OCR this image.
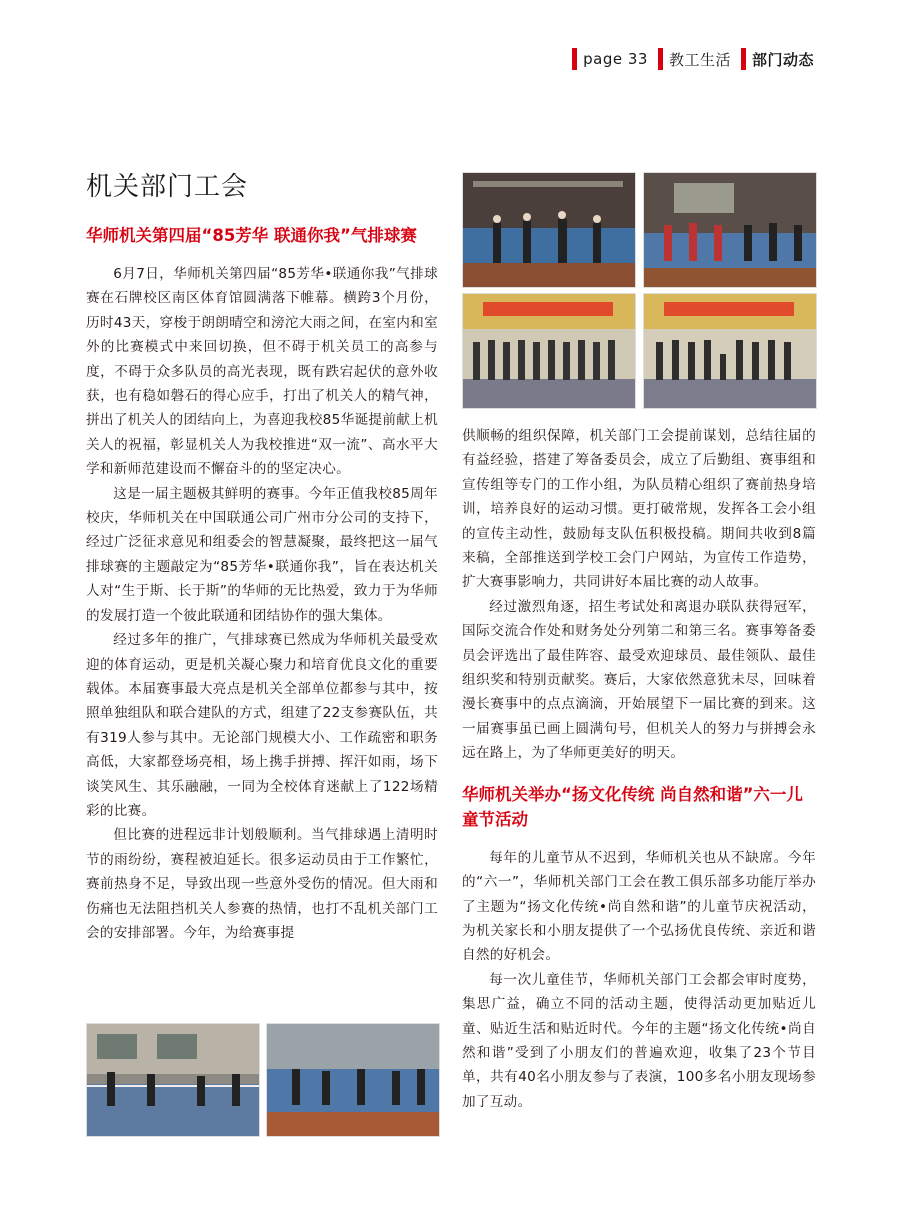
page 33 教工生活 部门动态
机关部门工会
华师机关第四届“85芳华 联通你我”气排球赛

6月7日，华师机关第四届“85芳华•联通你我”气排球赛在石牌校区南区体育馆圆满落下帷幕。横跨3个月份，历时43天，穿梭于朗朗晴空和滂沱大雨之间，在室内和室外的比赛模式中来回切换，但不碍于机关员工的高参与度，不碍于众多队员的高光表现，既有跌宕起伏的意外收获，也有稳如磐石的得心应手，打出了机关人的精气神，拼出了机关人的团结向上，为喜迎我校85华诞提前献上机关人的祝福，彰显机关人为我校推进“双一流”、高水平大学和新师范建设而不懈奋斗的的坚定决心。

这是一届主题极其鲜明的赛事。今年正值我校85周年校庆，华师机关在中国联通公司广州市分公司的支持下，经过广泛征求意见和组委会的智慧凝聚，最终把这一届气排球赛的主题敲定为“85芳华•联通你我”，旨在表达机关人对“生于斯、长于斯”的华师的无比热爱，致力于为华师的发展打造一个彼此联通和团结协作的强大集体。

经过多年的推广，气排球赛已然成为华师机关最受欢迎的体育运动，更是机关凝心聚力和培育优良文化的重要载体。本届赛事最大亮点是机关全部单位都参与其中，按照单独组队和联合建队的方式，组建了22支参赛队伍，共有319人参与其中。无论部门规模大小、工作疏密和职务高低，大家都登场亮相，场上携手拼搏、挥汗如雨，场下谈笑风生、其乐融融，一同为全校体育迷献上了122场精彩的比赛。

但比赛的进程远非计划般顺利。当气排球遇上清明时节的雨纷纷，赛程被迫延长。很多运动员由于工作繁忙，赛前热身不足，导致出现一些意外受伤的情况。但大雨和伤痛也无法阻挡机关人参赛的热情，也打不乱机关部门工会的安排部署。今年，为给赛事提

供顺畅的组织保障，机关部门工会提前谋划，总结往届的有益经验，搭建了筹备委员会，成立了后勤组、赛事组和宣传组等专门的工作小组，为队员精心组织了赛前热身培训，培养良好的运动习惯。更打破常规，发挥各工会小组的宣传主动性，鼓励每支队伍积极投稿。期间共收到8篇来稿，全部推送到学校工会门户网站，为宣传工作造势，扩大赛事影响力，共同讲好本届比赛的动人故事。

经过激烈角逐，招生考试处和离退办联队获得冠军，国际交流合作处和财务处分列第二和第三名。赛事筹备委员会评选出了最佳阵容、最受欢迎球员、最佳领队、最佳组织奖和特别贡献奖。赛后，大家依然意犹未尽，回味着漫长赛事中的点点滴滴，开始展望下一届比赛的到来。这一届赛事虽已画上圆满句号，但机关人的努力与拼搏会永远在路上，为了华师更美好的明天。

华师机关举办“扬文化传统 尚自然和谐”六一儿童节活动

每年的儿童节从不迟到，华师机关也从不缺席。今年的“六一”，华师机关部门工会在教工俱乐部多功能厅举办了主题为“扬文化传统•尚自然和谐”的儿童节庆祝活动，为机关家长和小朋友提供了一个弘扬优良传统、亲近和谐自然的好机会。

每一次儿童佳节，华师机关部门工会都会审时度势，集思广益，确立不同的活动主题，使得活动更加贴近儿童、贴近生活和贴近时代。今年的主题“扬文化传统•尚自然和谐”受到了小朋友们的普遍欢迎，收集了23个节目单，共有40名小朋友参与了表演，100多名小朋友现场参加了互动。
